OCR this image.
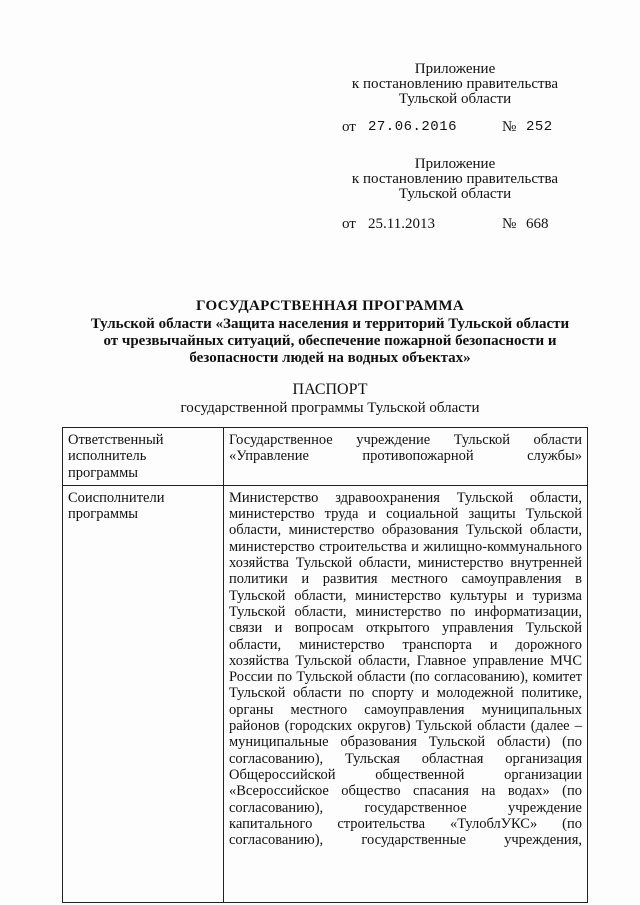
Приложение
к постановлению правительства
Тульской области
от 27.06.2016	№ 252
Приложение
к постановлению правительства
Тульской области
от 25.11.2013	№ 668
ГОСУДАРСТВЕННАЯ ПРОГРАММА
Тульской области «Защита населения и территорий Тульской области
от чрезвычайных ситуаций, обеспечение пожарной безопасности и
безопасности людей на водных объектах»
ПАСПОРТ
государственной программы Тульской области
Ответственный исполнитель программы	Государственное учреждение Тульской области «Управление противопожарной службы»
Соисполнители программы	Министерство здравоохранения Тульской области, министерство труда и социальной защиты Тульской области, министерство образования Тульской области, министерство строительства и жилищно-коммунального хозяйства Тульской области, министерство внутренней политики и развития местного самоуправления в Тульской области, министерство культуры и туризма Тульской области, министерство по информатизации, связи и вопросам открытого управления Тульской области, министерство транспорта и дорожного хозяйства Тульской области, Главное управление МЧС России по Тульской области (по согласованию), комитет Тульской области по спорту и молодежной политике, органы местного самоуправления муниципальных районов (городских округов) Тульской области (далее – муниципальные образования Тульской области) (по согласованию), Тульская областная организация Общероссийской общественной организации «Всероссийское общество спасания на водах» (по согласованию), государственное учреждение капитального строительства «ТулоблУКС» (по согласованию), государственные учреждения,
